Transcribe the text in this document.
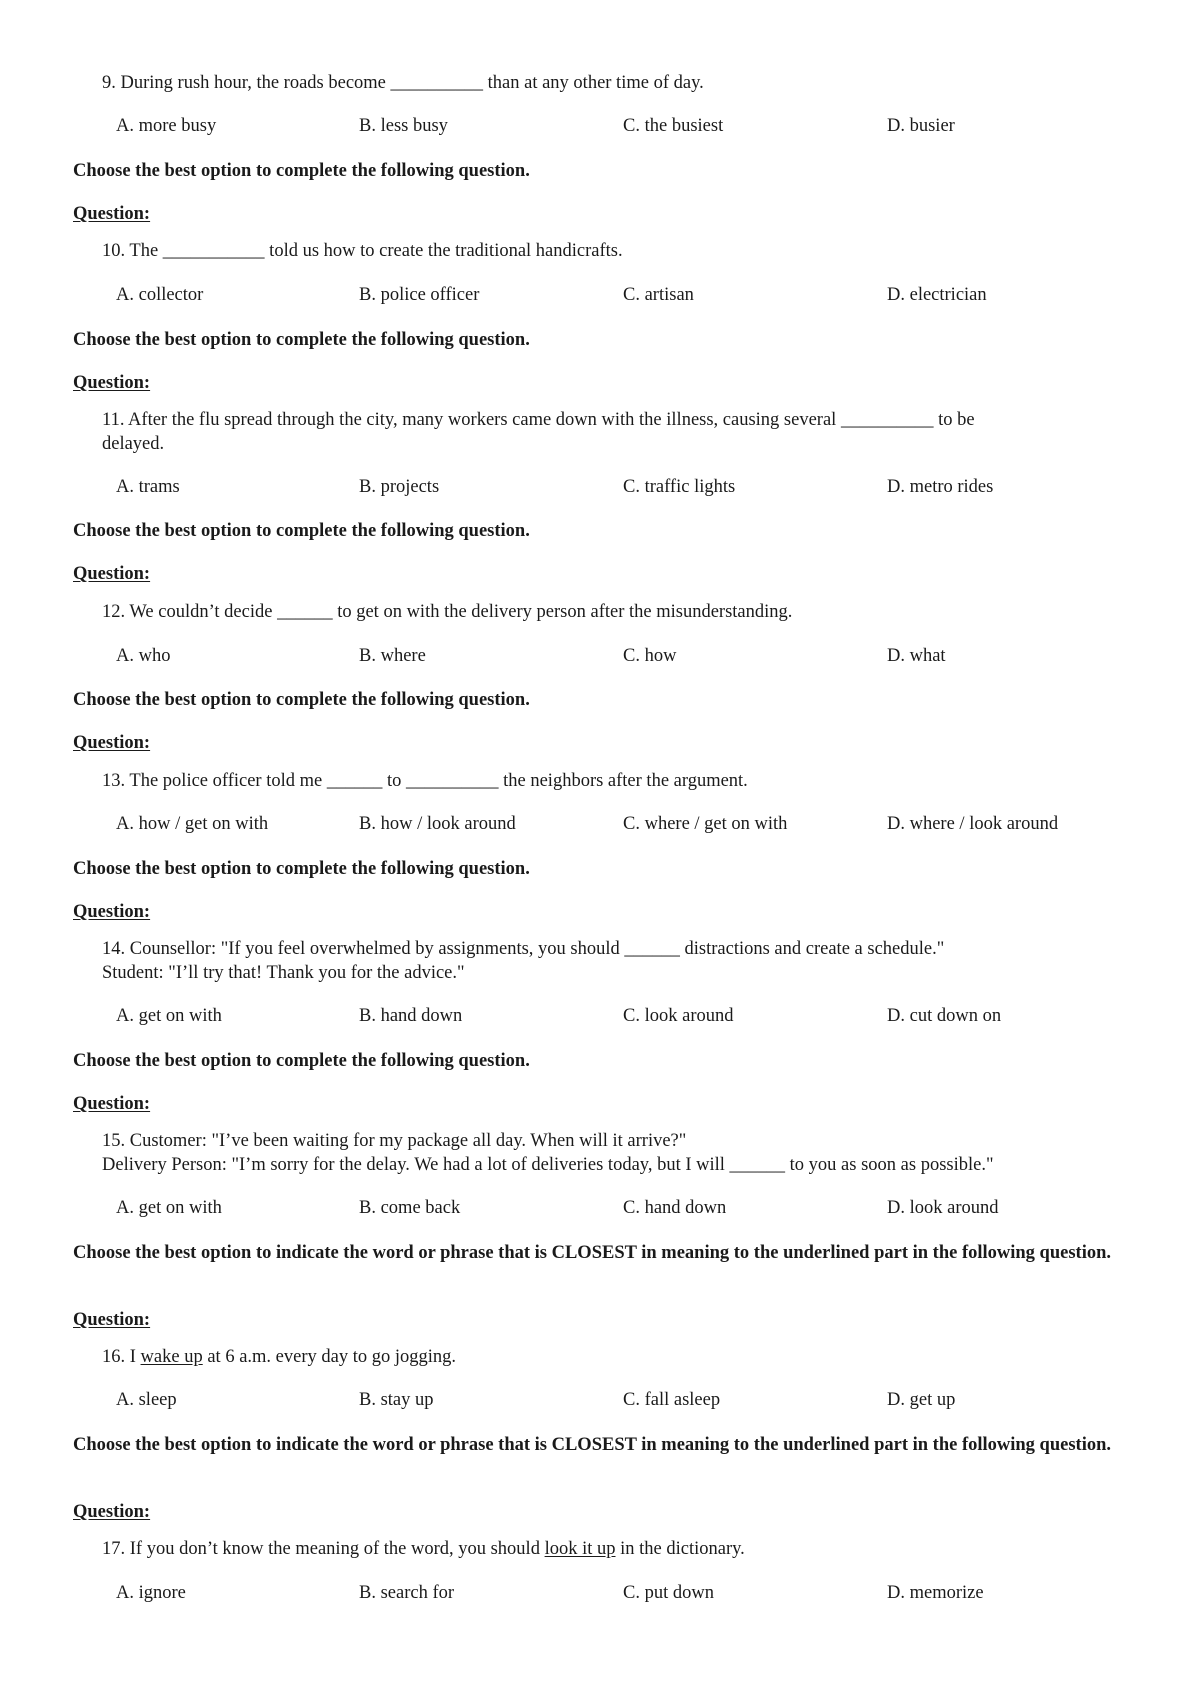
9. During rush hour, the roads become __________ than at any other time of day.
A. more busy	B. less busy	C. the busiest	D. busier
Choose the best option to complete the following question.
Question:
10. The ___________ told us how to create the traditional handicrafts.
A. collector	B. police officer	C. artisan	D. electrician
Choose the best option to complete the following question.
Question:
11. After the flu spread through the city, many workers came down with the illness, causing several __________ to be
delayed.
A. trams	B. projects	C. traffic lights	D. metro rides
Choose the best option to complete the following question.
Question:
12. We couldn’t decide ______ to get on with the delivery person after the misunderstanding.
A. who	B. where	C. how	D. what
Choose the best option to complete the following question.
Question:
13. The police officer told me ______ to __________ the neighbors after the argument.
A. how / get on with	B. how / look around	C. where / get on with	D. where / look around
Choose the best option to complete the following question.
Question:
14. Counsellor: "If you feel overwhelmed by assignments, you should ______ distractions and create a schedule."
Student: "I’ll try that! Thank you for the advice."
A. get on with	B. hand down	C. look around	D. cut down on
Choose the best option to complete the following question.
Question:
15. Customer: "I’ve been waiting for my package all day. When will it arrive?"
Delivery Person: "I’m sorry for the delay. We had a lot of deliveries today, but I will ______ to you as soon as possible."
A. get on with	B. come back	C. hand down	D. look around
Choose the best option to indicate the word or phrase that is CLOSEST in meaning to the underlined part in the following question.
Question:
16. I wake up at 6 a.m. every day to go jogging.
A. sleep	B. stay up	C. fall asleep	D. get up
Choose the best option to indicate the word or phrase that is CLOSEST in meaning to the underlined part in the following question.
Question:
17. If you don’t know the meaning of the word, you should look it up in the dictionary.
A. ignore	B. search for	C. put down	D. memorize
